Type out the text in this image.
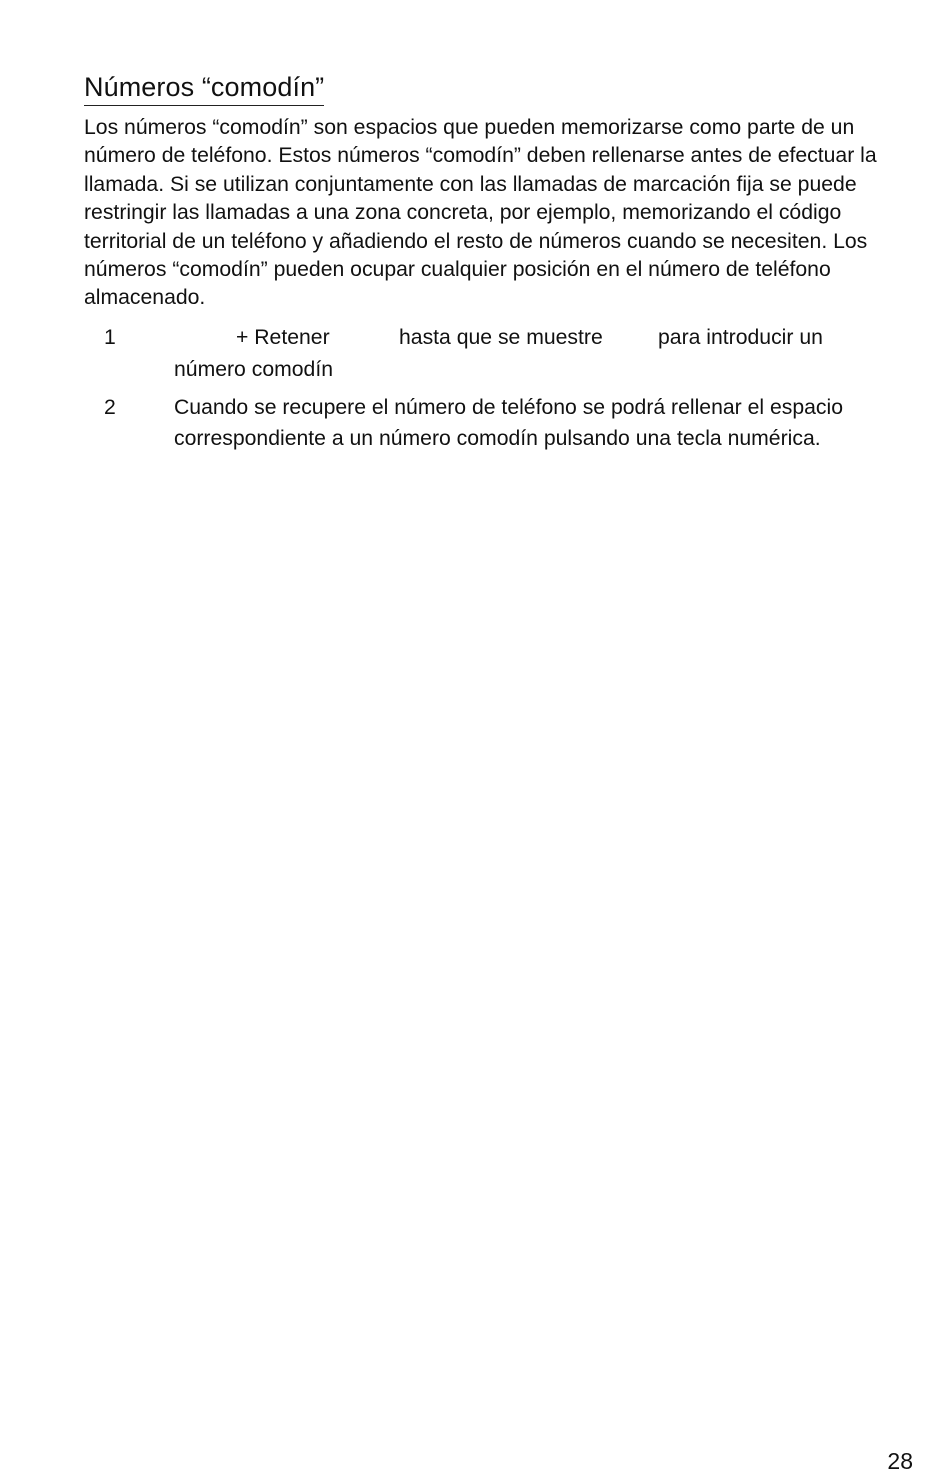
Números “comodín”

Los números “comodín” son espacios que pueden memorizarse como parte de un número de teléfono. Estos números “comodín” deben rellenarse antes de efectuar la llamada. Si se utilizan conjuntamente con las llamadas de marcación fija se puede restringir las llamadas a una zona concreta, por ejemplo, memorizando el código territorial de un teléfono y añadiendo el resto de números cuando se necesiten. Los números “comodín” pueden ocupar cualquier posición en el número de teléfono almacenado.

1	+ Retener	hasta que se muestre	para introducir un
número comodín
2	Cuando se recupere el número de teléfono se podrá rellenar el espacio correspondiente a un número comodín pulsando una tecla numérica.
28
